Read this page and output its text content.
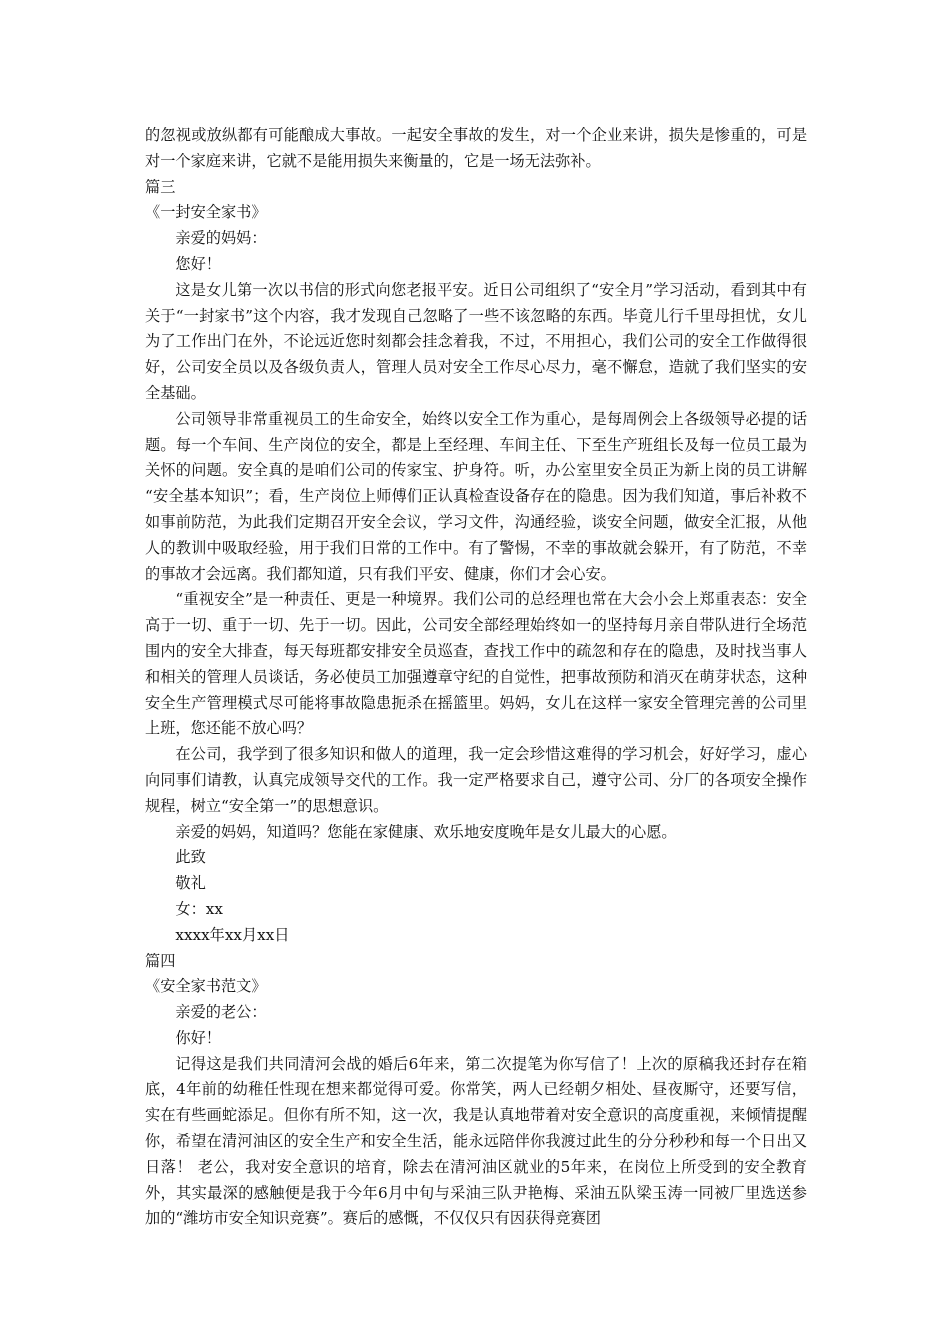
的忽视或放纵都有可能酿成大事故。一起安全事故的发生，对一个企业来讲，损失是惨重的，可是对一个家庭来讲，它就不是能用损失来衡量的，它是一场无法弥补。

篇三

《一封安全家书》

亲爱的妈妈：

您好！

这是女儿第一次以书信的形式向您老报平安。近日公司组织了“安全月”学习活动，看到其中有关于“一封家书”这个内容，我才发现自己忽略了一些不该忽略的东西。毕竟儿行千里母担忧，女儿为了工作出门在外，不论远近您时刻都会挂念着我，不过，不用担心，我们公司的安全工作做得很好，公司安全员以及各级负责人，管理人员对安全工作尽心尽力，毫不懈怠，造就了我们坚实的安全基础。

公司领导非常重视员工的生命安全，始终以安全工作为重心，是每周例会上各级领导必提的话题。每一个车间、生产岗位的安全，都是上至经理、车间主任、下至生产班组长及每一位员工最为关怀的问题。安全真的是咱们公司的传家宝、护身符。听，办公室里安全员正为新上岗的员工讲解 “安全基本知识”；看，生产岗位上师傅们正认真检查设备存在的隐患。因为我们知道，事后补救不如事前防范，为此我们定期召开安全会议，学习文件，沟通经验，谈安全问题，做安全汇报，从他人的教训中吸取经验，用于我们日常的工作中。有了警惕，不幸的事故就会躲开，有了防范，不幸的事故才会远离。我们都知道，只有我们平安、健康，你们才会心安。

“重视安全”是一种责任、更是一种境界。我们公司的总经理也常在大会小会上郑重表态：安全高于一切、重于一切、先于一切。因此，公司安全部经理始终如一的坚持每月亲自带队进行全场范围内的安全大排查，每天每班都安排安全员巡查，查找工作中的疏忽和存在的隐患，及时找当事人和相关的管理人员谈话，务必使员工加强遵章守纪的自觉性，把事故预防和消灭在萌芽状态，这种安全生产管理模式尽可能将事故隐患扼杀在摇篮里。妈妈，女儿在这样一家安全管理完善的公司里上班，您还能不放心吗？

在公司，我学到了很多知识和做人的道理，我一定会珍惜这难得的学习机会，好好学习，虚心向同事们请教，认真完成领导交代的工作。我一定严格要求自己，遵守公司、分厂的各项安全操作规程，树立“安全第一”的思想意识。

亲爱的妈妈，知道吗？您能在家健康、欢乐地安度晚年是女儿最大的心愿。

此致

敬礼

女：xx

xxxx年xx月xx日

篇四

《安全家书范文》

亲爱的老公：

你好！

记得这是我们共同清河会战的婚后6年来，第二次提笔为你写信了！上次的原稿我还封存在箱底，4年前的幼稚任性现在想来都觉得可爱。你常笑，两人已经朝夕相处、昼夜厮守，还要写信，实在有些画蛇添足。但你有所不知，这一次，我是认真地带着对安全意识的高度重视，来倾情提醒你，希望在清河油区的安全生产和安全生活，能永远陪伴你我渡过此生的分分秒秒和每一个日出又日落！ 老公，我对安全意识的培育，除去在清河油区就业的5年来，在岗位上所受到的安全教育外，其实最深的感触便是我于今年6月中旬与采油三队尹艳梅、采油五队梁玉涛一同被厂里选送参加的“潍坊市安全知识竞赛”。赛后的感慨，不仅仅只有因获得竞赛团
